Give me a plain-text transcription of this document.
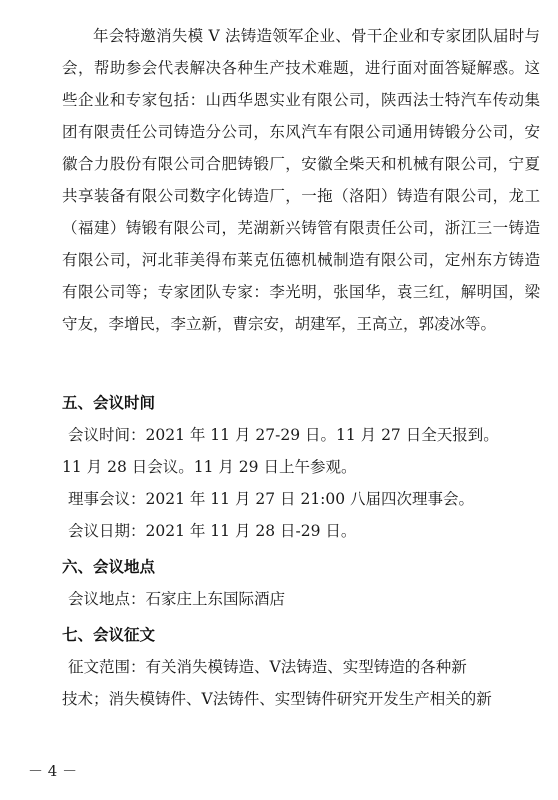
年会特邀消失模 V 法铸造领军企业、骨干企业和专家团队届时与会，帮助参会代表解决各种生产技术难题，进行面对面答疑解惑。这些企业和专家包括：山西华恩实业有限公司，陕西法士特汽车传动集团有限责任公司铸造分公司，东风汽车有限公司通用铸锻分公司，安徽合力股份有限公司合肥铸锻厂，安徽全柴天和机械有限公司，宁夏共享装备有限公司数字化铸造厂，一拖（洛阳）铸造有限公司，龙工（福建）铸锻有限公司，芜湖新兴铸管有限责任公司，浙江三一铸造有限公司，河北菲美得布莱克伍德机械制造有限公司，定州东方铸造有限公司等；专家团队专家：李光明，张国华，袁三红，解明国，梁守友，李增民，李立新，曹宗安，胡建军，王高立，郭凌冰等。

五、会议时间

会议时间：2021 年 11 月 27-29 日。11 月 27 日全天报到。

11 月 28 日会议。11 月 29 日上午参观。

理事会议：2021 年 11 月 27 日 21:00 八届四次理事会。

会议日期：2021 年 11 月 28 日-29 日。

六、会议地点

会议地点：石家庄上东国际酒店

七、会议征文

征文范围：有关消失模铸造、V法铸造、实型铸造的各种新

技术；消失模铸件、V法铸件、实型铸件研究开发生产相关的新

－ 4 －
